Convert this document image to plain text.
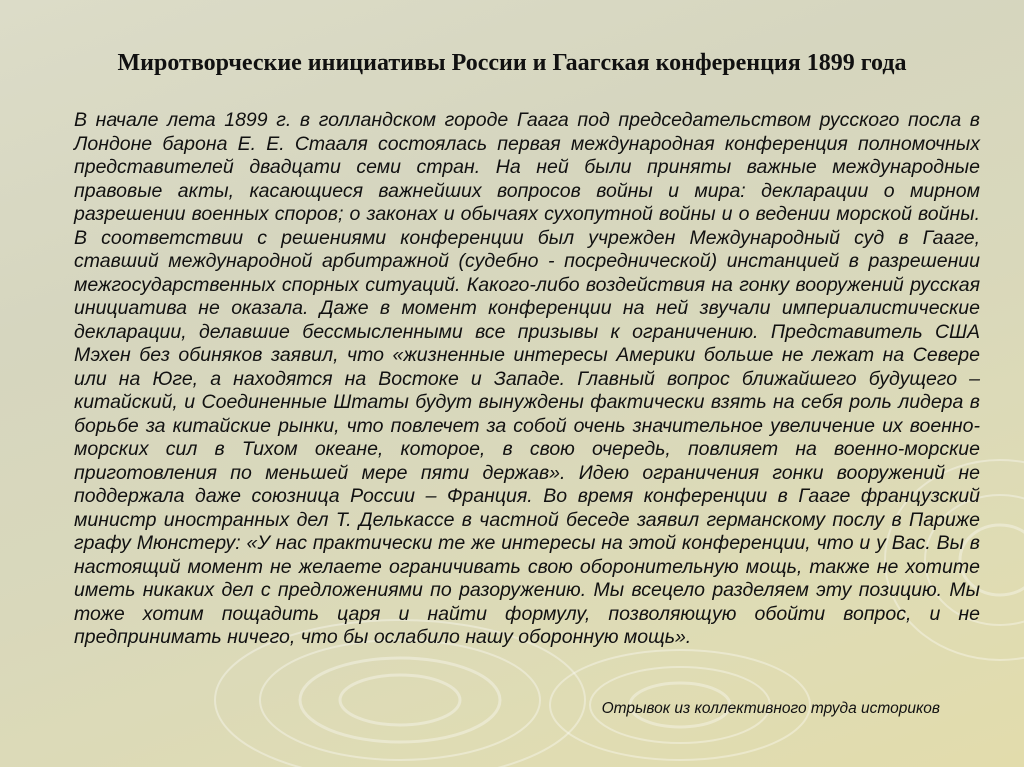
Миротворческие инициативы России и Гаагская конференция 1899 года

В начале лета 1899 г. в голландском городе Гаага под председательством русского посла в Лондоне барона Е. Е. Стааля состоялась первая международная конференция полномочных представителей двадцати семи стран. На ней были приняты важные международные правовые акты, касающиеся важнейших вопросов войны и мира: декларации о мирном разрешении военных споров; о законах и обычаях сухопутной войны и о ведении морской войны. В соответствии с решениями конференции был учрежден Международный суд в Гааге, ставший международной арбитражной (судебно - посреднической) инстанцией в разрешении межгосударственных спорных ситуаций. Какого-либо воздействия на гонку вооружений русская инициатива не оказала. Даже в момент конференции на ней звучали империалистические декларации, делавшие бессмысленными все призывы к ограничению. Представитель США Мэхен без обиняков заявил, что «жизненные интересы Америки больше не лежат на Севере или на Юге, а находятся на Востоке и Западе. Главный вопрос ближайшего будущего – китайский, и Соединенные Штаты будут вынуждены фактически взять на себя роль лидера в борьбе за китайские рынки, что повлечет за собой очень значительное увеличение их военно- морских сил в Тихом океане, которое, в свою очередь, повлияет на военно-морские приготовления по меньшей мере пяти держав». Идею ограничения гонки вооружений не поддержала даже союзница России – Франция. Во время конференции в Гааге французский министр иностранных дел Т. Делькассе в частной беседе заявил германскому послу в Париже графу Мюнстеру: «У нас практически те же интересы на этой конференции, что и у Вас. Вы в настоящий момент не желаете ограничивать свою оборонительную мощь, также не хотите иметь никаких дел с предложениями по разоружению. Мы всецело разделяем эту позицию. Мы тоже хотим пощадить царя и найти формулу, позволяющую обойти вопрос, и не предпринимать ничего, что бы ослабило нашу оборонную мощь».

Отрывок из коллективного труда историков
